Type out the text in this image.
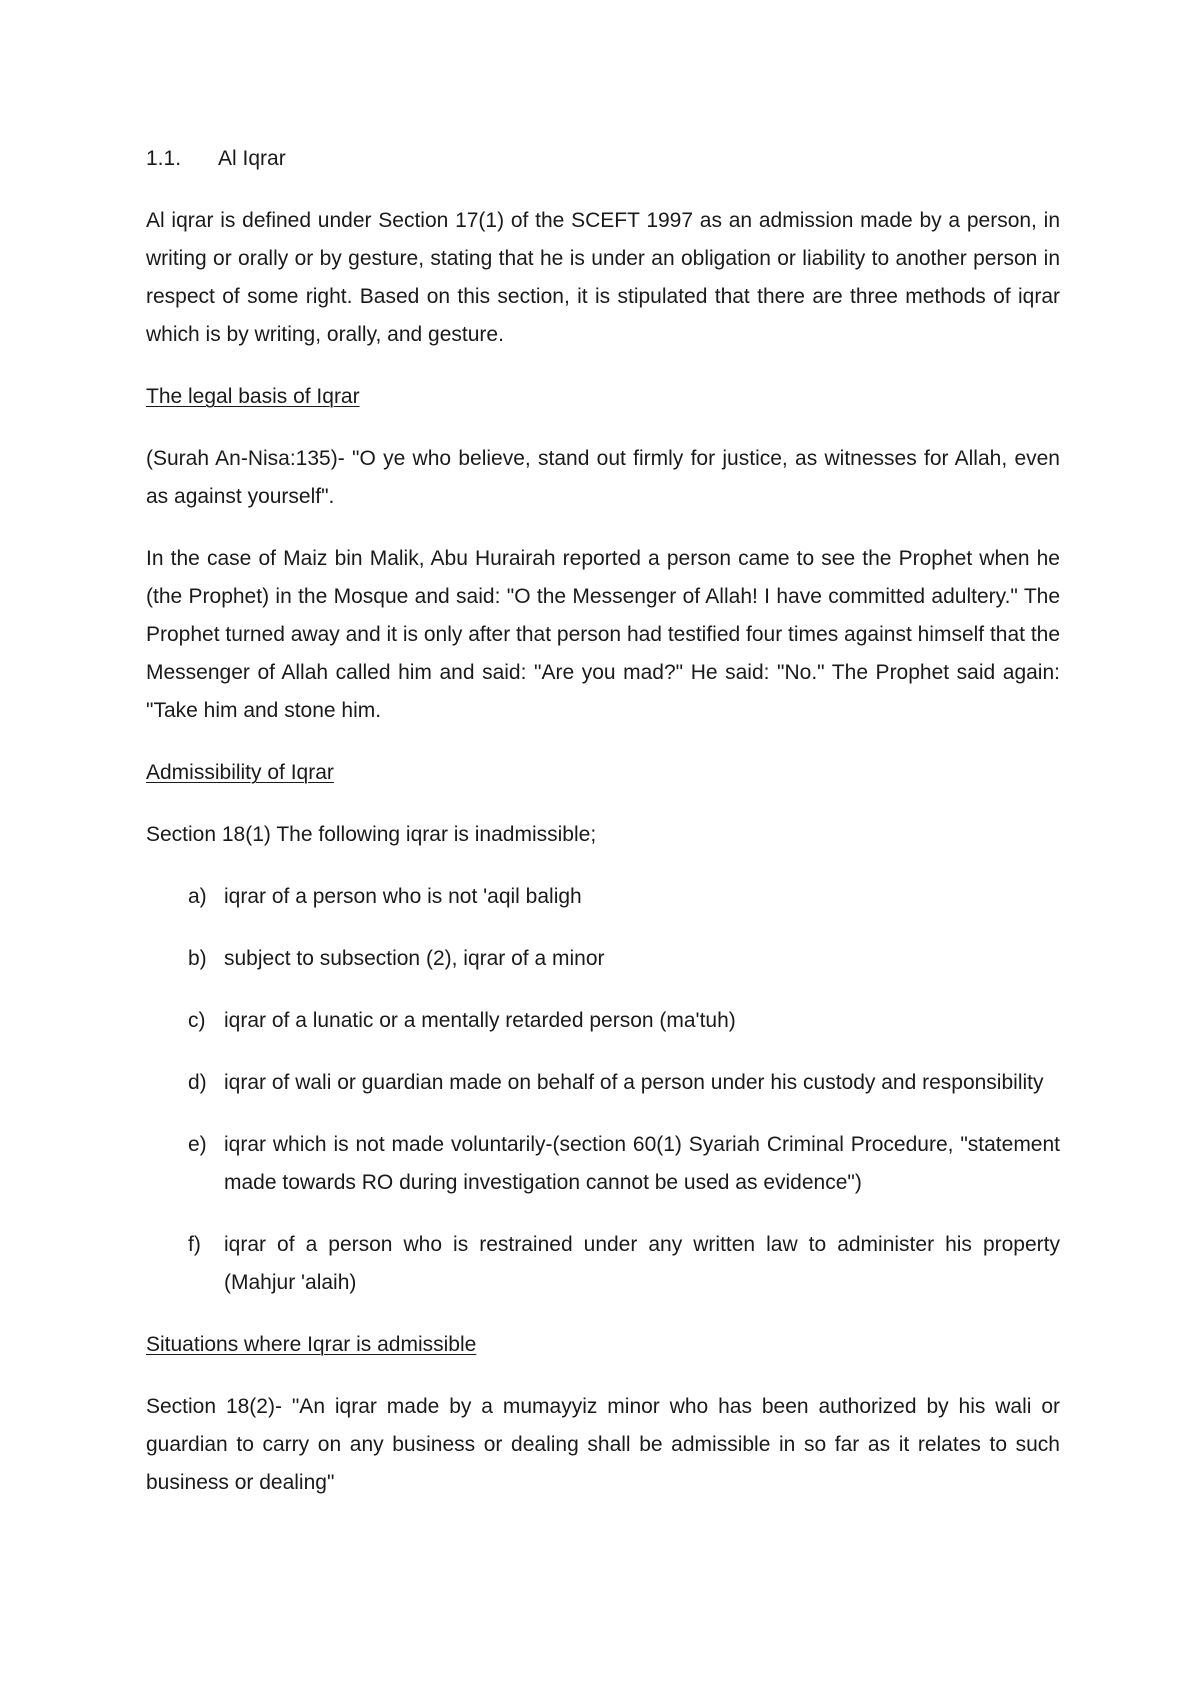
1.1. Al Iqrar

Al iqrar is defined under Section 17(1) of the SCEFT 1997 as an admission made by a person, in writing or orally or by gesture, stating that he is under an obligation or liability to another person in respect of some right. Based on this section, it is stipulated that there are three methods of iqrar which is by writing, orally, and gesture.

The legal basis of Iqrar

(Surah An-Nisa:135)- "O ye who believe, stand out firmly for justice, as witnesses for Allah, even as against yourself".

In the case of Maiz bin Malik, Abu Hurairah reported a person came to see the Prophet when he (the Prophet) in the Mosque and said: "O the Messenger of Allah! I have committed adultery." The Prophet turned away and it is only after that person had testified four times against himself that the Messenger of Allah called him and said: "Are you mad?" He said: "No." The Prophet said again: "Take him and stone him.

Admissibility of Iqrar

Section 18(1) The following iqrar is inadmissible;

a) iqrar of a person who is not 'aqil baligh
b) subject to subsection (2), iqrar of a minor
c) iqrar of a lunatic or a mentally retarded person (ma'tuh)
d) iqrar of wali or guardian made on behalf of a person under his custody and responsibility
e) iqrar which is not made voluntarily-(section 60(1) Syariah Criminal Procedure, "statement made towards RO during investigation cannot be used as evidence")
f) iqrar of a person who is restrained under any written law to administer his property (Mahjur 'alaih)
Situations where Iqrar is admissible

Section 18(2)- "An iqrar made by a mumayyiz minor who has been authorized by his wali or guardian to carry on any business or dealing shall be admissible in so far as it relates to such business or dealing"
